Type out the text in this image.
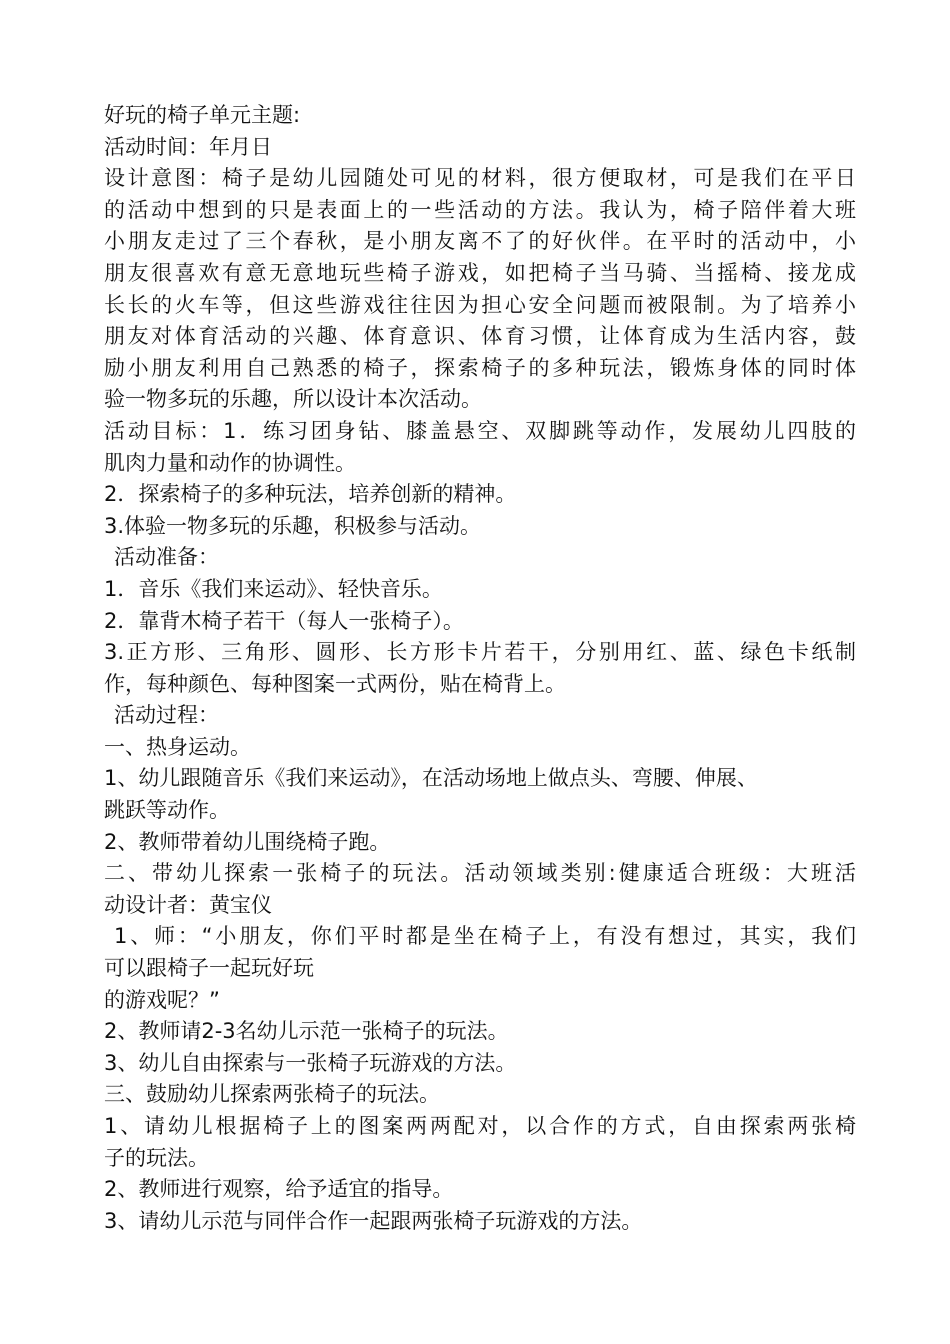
好玩的椅子单元主题:

活动时间：年月日

设计意图：椅子是幼儿园随处可见的材料，很方便取材，可是我们在平日

的活动中想到的只是表面上的一些活动的方法。我认为，椅子陪伴着大班

小朋友走过了三个春秋，是小朋友离不了的好伙伴。在平时的活动中，小

朋友很喜欢有意无意地玩些椅子游戏，如把椅子当马骑、当摇椅、接龙成

长长的火车等，但这些游戏往往因为担心安全问题而被限制。为了培养小

朋友对体育活动的兴趣、体育意识、体育习惯，让体育成为生活内容，鼓

励小朋友利用自己熟悉的椅子，探索椅子的多种玩法，锻炼身体的同时体

验一物多玩的乐趣，所以设计本次活动。

活动目标：1．练习团身钻、膝盖悬空、双脚跳等动作，发展幼儿四肢的

肌肉力量和动作的协调性。

2．探索椅子的多种玩法，培养创新的精神。

3.体验一物多玩的乐趣，积极参与活动。

活动准备：

1．音乐《我们来运动》、轻快音乐。

2．靠背木椅子若干（每人一张椅子）。

3.正方形、三角形、圆形、长方形卡片若干，分别用红、蓝、绿色卡纸制

作，每种颜色、每种图案一式两份，贴在椅背上。

活动过程：

一、热身运动。

1、幼儿跟随音乐《我们来运动》，在活动场地上做点头、弯腰、伸展、

跳跃等动作。

2、教师带着幼儿围绕椅子跑。

二、带幼儿探索一张椅子的玩法。活动领域类别:健康适合班级：大班活

动设计者：黄宝仪

1、师：“小朋友，你们平时都是坐在椅子上，有没有想过，其实，我们

可以跟椅子一起玩好玩

的游戏呢？”

2、教师请2-3名幼儿示范一张椅子的玩法。

3、幼儿自由探索与一张椅子玩游戏的方法。

三、鼓励幼儿探索两张椅子的玩法。

1、请幼儿根据椅子上的图案两两配对，以合作的方式，自由探索两张椅

子的玩法。

2、教师进行观察，给予适宜的指导。

3、请幼儿示范与同伴合作一起跟两张椅子玩游戏的方法。
